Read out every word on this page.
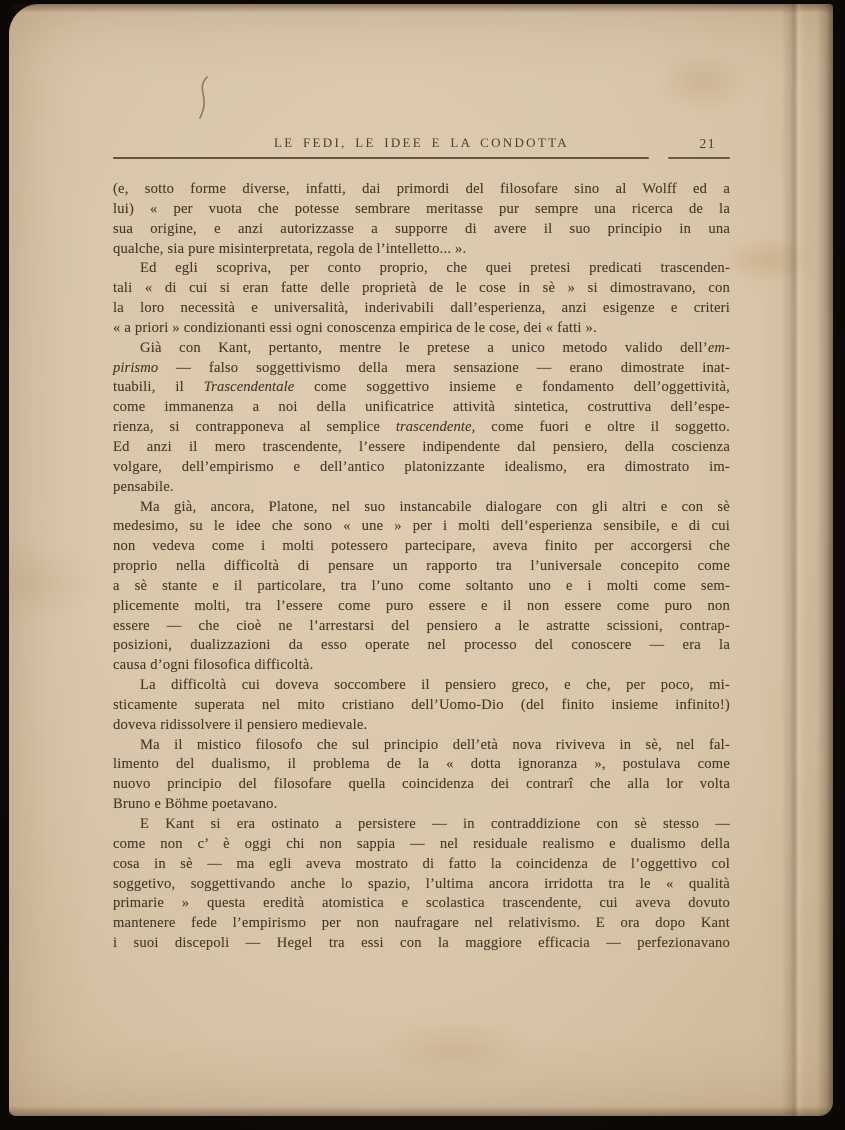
LE FEDI, LE IDEE E LA CONDOTTA	21
(e, sotto forme diverse, infatti, dai primordi del filosofare sino al Wolff ed a
lui) « per vuota che potesse sembrare meritasse pur sempre una ricerca de la
sua origine, e anzi autorizzasse a supporre di avere il suo principio in una
qualche, sia pure misinterpretata, regola de l’intelletto... ».
Ed egli scopriva, per conto proprio, che quei pretesi predicati trascenden-
tali « di cui si eran fatte delle proprietà de le cose in sè » si dimostravano, con
la loro necessità e universalità, inderivabili dall’esperienza, anzi esigenze e criteri
« a priori » condizionanti essi ogni conoscenza empirica de le cose, dei « fatti ».
Già con Kant, pertanto, mentre le pretese a unico metodo valido dell’em-
pirismo — falso soggettivismo della mera sensazione — erano dimostrate inat-
tuabili, il Trascendentale come soggettivo insieme e fondamento dell’oggettività,
come immanenza a noi della unificatrice attività sintetica, costruttiva dell’espe-
rienza, si contrapponeva al semplice trascendente, come fuori e oltre il soggetto.
Ed anzi il mero trascendente, l’essere indipendente dal pensiero, della coscienza
volgare, dell’empirismo e dell’antico platonizzante idealismo, era dimostrato im-
pensabile.
Ma già, ancora, Platone, nel suo instancabile dialogare con gli altri e con sè
medesimo, su le idee che sono « une » per i molti dell’esperienza sensibile, e di cui
non vedeva come i molti potessero partecipare, aveva finito per accorgersi che
proprio nella difficoltà di pensare un rapporto tra l’universale concepito come
a sè stante e il particolare, tra l’uno come soltanto uno e i molti come sem-
plicemente molti, tra l’essere come puro essere e il non essere come puro non
essere — che cioè ne l’arrestarsi del pensiero a le astratte scissioni, contrap-
posizioni, dualizzazioni da esso operate nel processo del conoscere — era la
causa d’ogni filosofica difficoltà.
La difficoltà cui doveva soccombere il pensiero greco, e che, per poco, mi-
sticamente superata nel mito cristiano dell’Uomo-Dio (del finito insieme infinito!)
doveva ridissolvere il pensiero medievale.
Ma il mistico filosofo che sul principio dell’età nova riviveva in sè, nel fal-
limento del dualismo, il problema de la « dotta ignoranza », postulava come
nuovo principio del filosofare quella coincidenza dei contrarî che alla lor volta
Bruno e Böhme poetavano.
E Kant si era ostinato a persistere — in contraddizione con sè stesso —
come non c’ è oggi chi non sappia — nel residuale realismo e dualismo della
cosa in sè — ma egli aveva mostrato di fatto la coincidenza de l’oggettivo col
soggetivo, soggettivando anche lo spazio, l’ultima ancora irridotta tra le « qualità
primarie » questa eredità atomistica e scolastica trascendente, cui aveva dovuto
mantenere fede l’empirismo per non naufragare nel relativismo. E ora dopo Kant
i suoi discepoli — Hegel tra essi con la maggiore efficacia — perfezionavano
